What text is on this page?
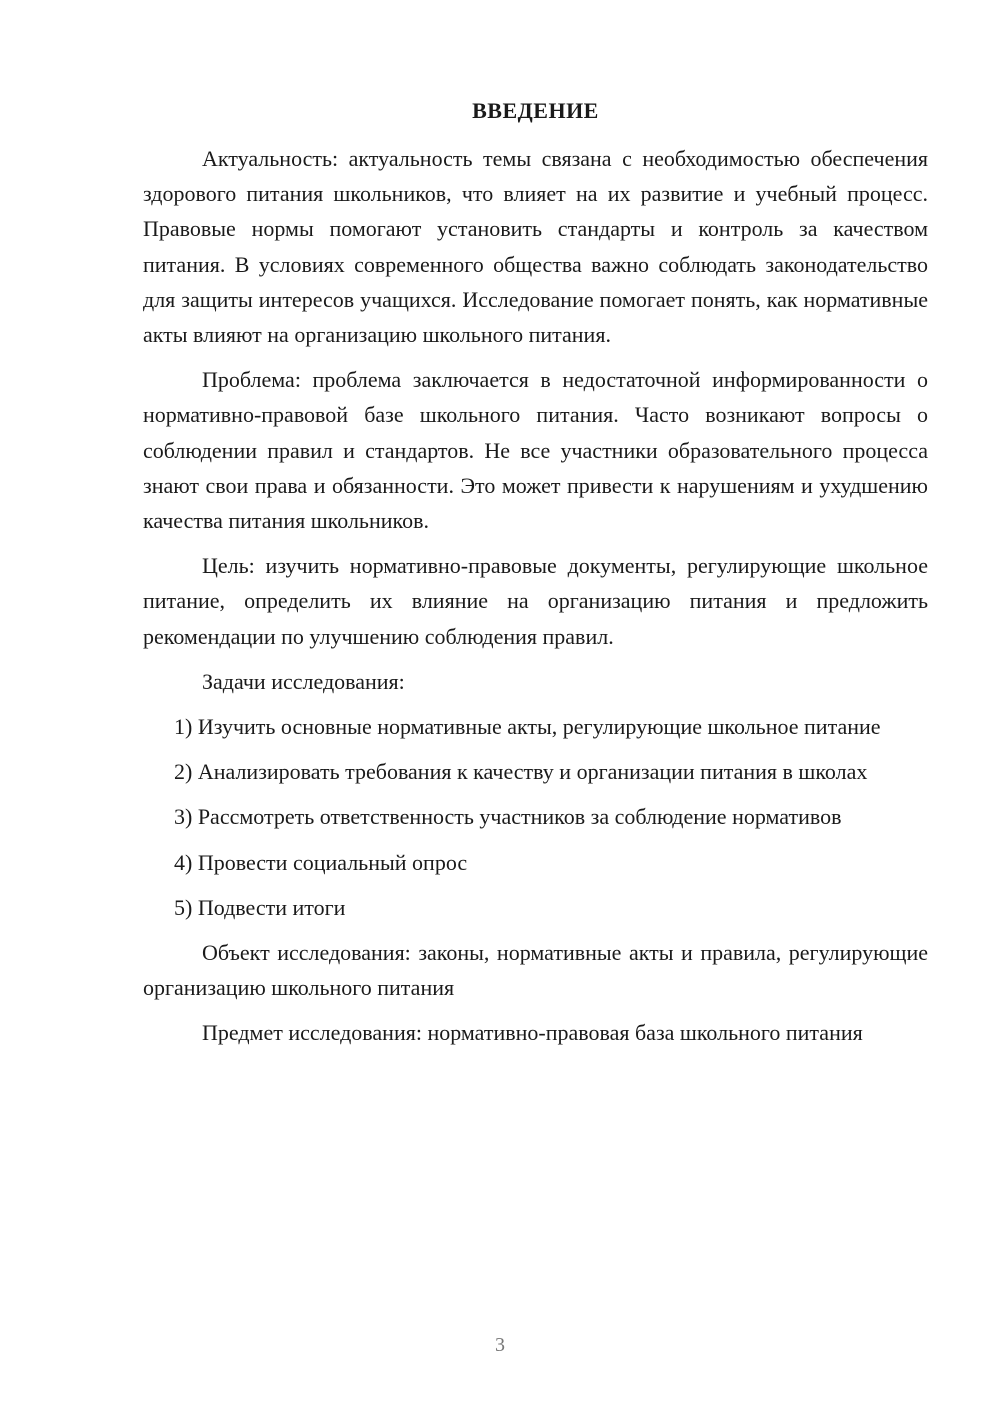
ВВЕДЕНИЕ

Актуальность: актуальность темы связана с необходимостью обеспечения здорового питания школьников, что влияет на их развитие и учебный процесс. Правовые нормы помогают установить стандарты и контроль за качеством питания. В условиях современного общества важно соблюдать законодательство для защиты интересов учащихся. Исследование помогает понять, как нормативные акты влияют на организацию школьного питания.

Проблема: проблема заключается в недостаточной информированности о нормативно-правовой базе школьного питания. Часто возникают вопросы о соблюдении правил и стандартов. Не все участники образовательного процесса знают свои права и обязанности. Это может привести к нарушениям и ухудшению качества питания школьников.

Цель: изучить нормативно-правовые документы, регулирующие школьное питание, определить их влияние на организацию питания и предложить рекомендации по улучшению соблюдения правил.

Задачи исследования:

1) Изучить основные нормативные акты, регулирующие школьное питание

2) Анализировать требования к качеству и организации питания в школах

3) Рассмотреть ответственность участников за соблюдение нормативов

4) Провести социальный опрос

5) Подвести итоги

Объект исследования: законы, нормативные акты и правила, регулирующие организацию школьного питания

Предмет исследования: нормативно-правовая база школьного питания

3
